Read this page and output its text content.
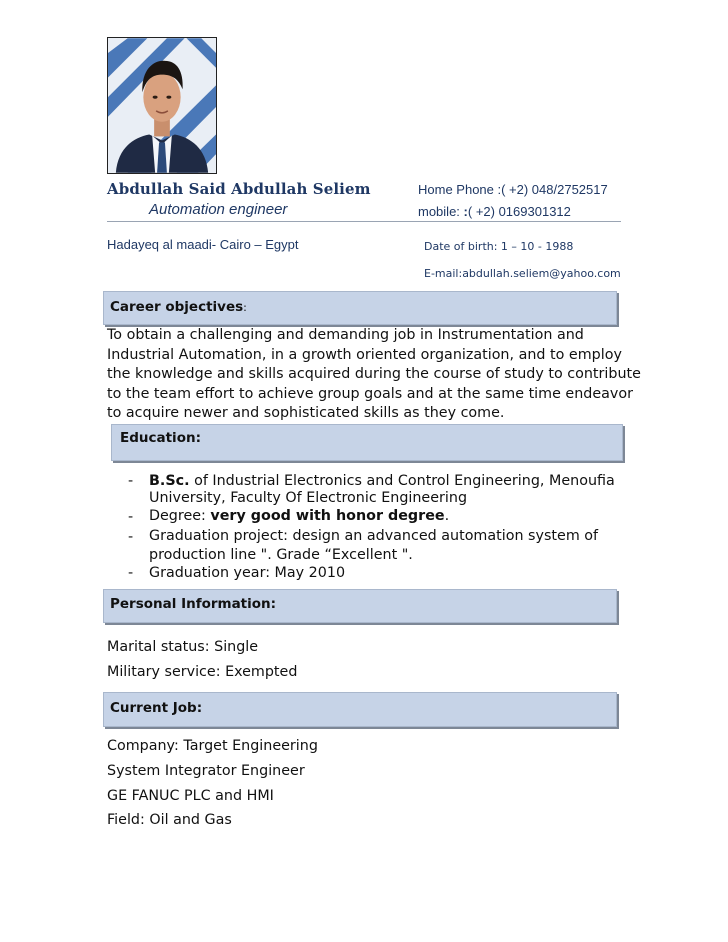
Abdullah Said Abdullah Seliem
Automation engineer
Home Phone :( +2) 048/2752517
mobile: :( +2) 0169301312
Hadayeq al maadi- Cairo – Egypt	Date of birth: 1 – 10 - 1988
E-mail:abdullah.seliem@yahoo.com
Career objectives:
To obtain a challenging and demanding job in Instrumentation and
Industrial Automation, in a growth oriented organization, and to employ
the knowledge and skills acquired during the course of study to contribute
to the team effort to achieve group goals and at the same time endeavor
to acquire newer and sophisticated skills as they come.
Education:
- B.Sc. of Industrial Electronics and Control Engineering, Menoufia
University, Faculty Of Electronic Engineering
- Degree: very good with honor degree.
- Graduation project: design an advanced automation system of
production line ". Grade “Excellent ".
- Graduation year: May 2010
Personal Information:
Marital status: Single
Military service: Exempted
Current Job:
Company: Target Engineering
System Integrator Engineer
GE FANUC PLC and HMI
Field: Oil and Gas
